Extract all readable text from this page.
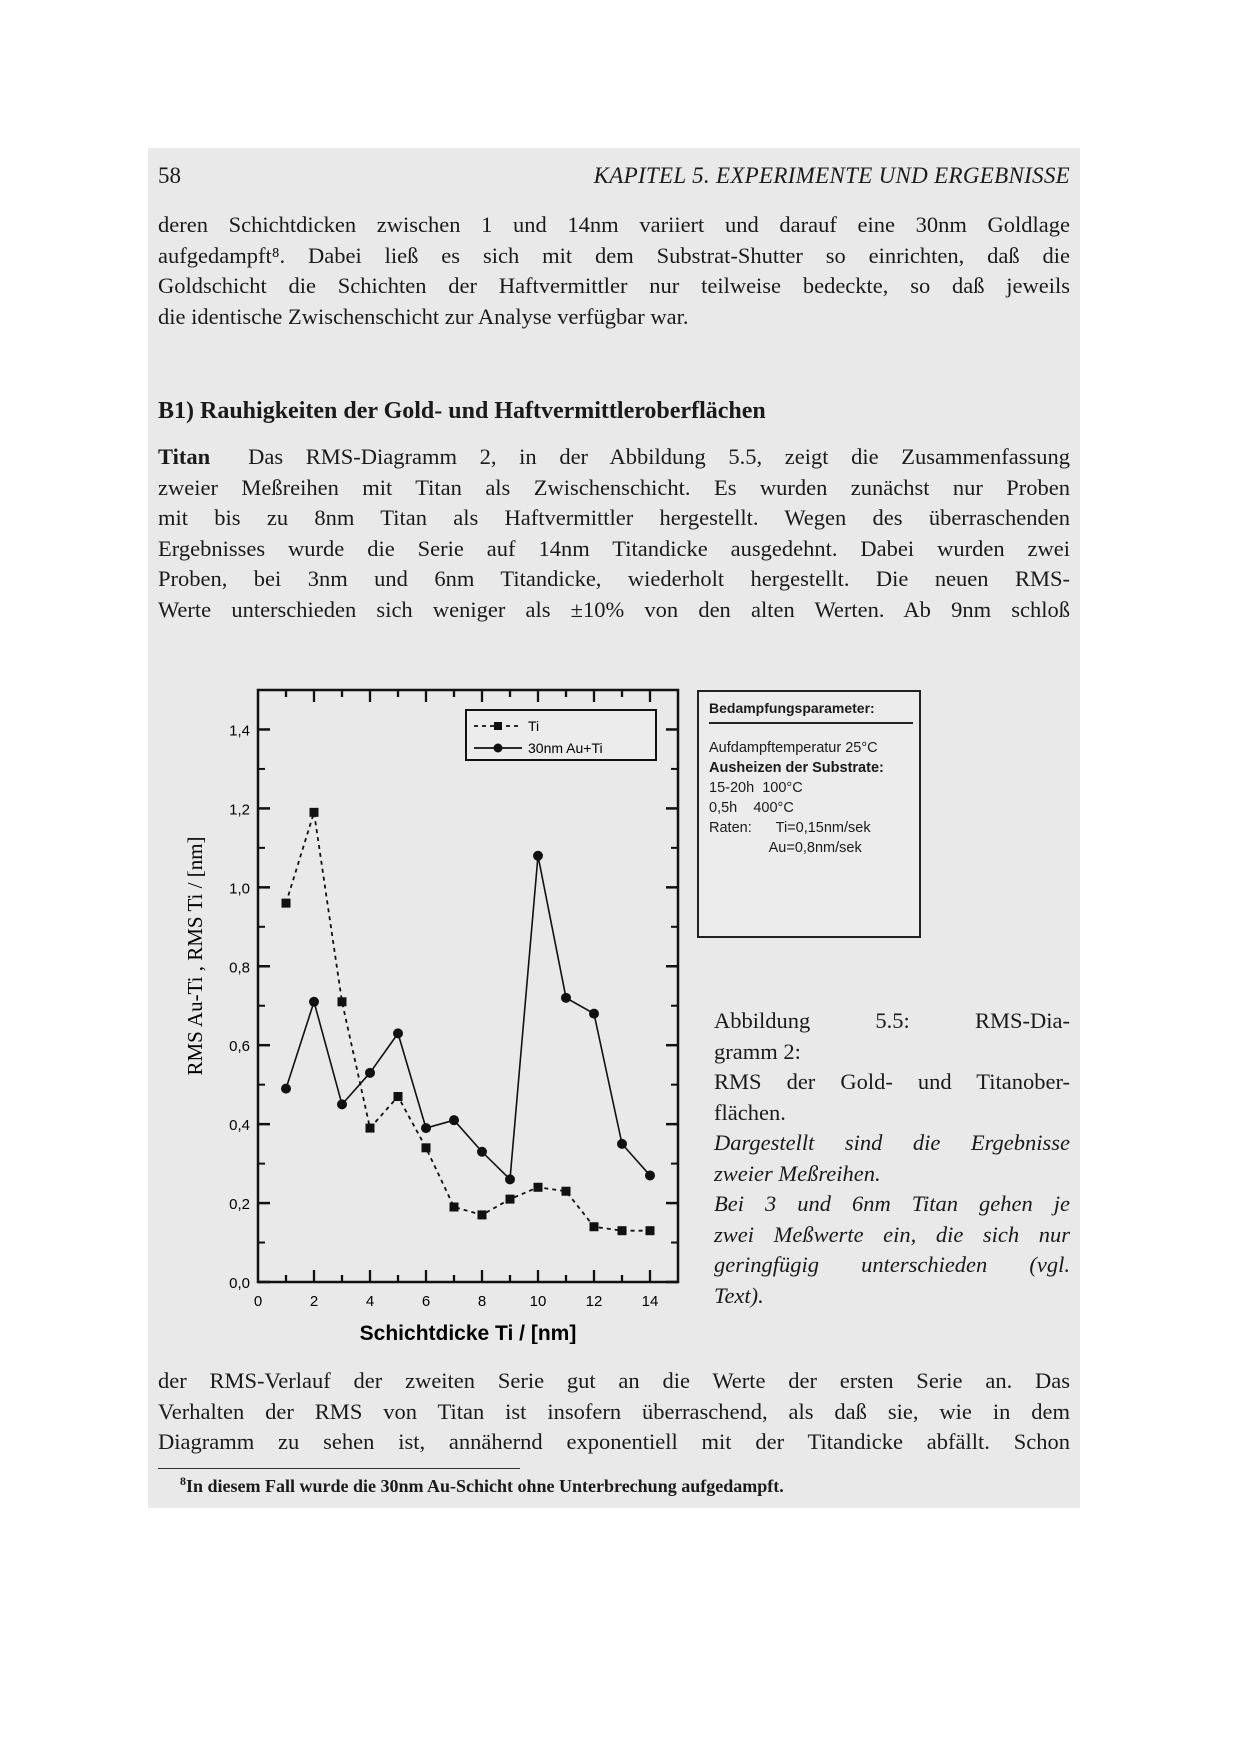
58	KAPITEL 5. EXPERIMENTE UND ERGEBNISSE
deren Schichtdicken zwischen 1 und 14nm variiert und darauf eine 30nm Goldlage
aufgedampft⁸. Dabei ließ es sich mit dem Substrat-Shutter so einrichten, daß die
Goldschicht die Schichten der Haftvermittler nur teilweise bedeckte, so daß jeweils
die identische Zwischenschicht zur Analyse verfügbar war.
B1) Rauhigkeiten der Gold- und Haftvermittleroberflächen
Titan Das RMS-Diagramm 2, in der Abbildung 5.5, zeigt die Zusammenfassung
zweier Meßreihen mit Titan als Zwischenschicht. Es wurden zunächst nur Proben
mit bis zu 8nm Titan als Haftvermittler hergestellt. Wegen des überraschenden
Ergebnisses wurde die Serie auf 14nm Titandicke ausgedehnt. Dabei wurden zwei
Proben, bei 3nm und 6nm Titandicke, wiederholt hergestellt. Die neuen RMS-
Werte unterschieden sich weniger als ±10% von den alten Werten. Ab 9nm schloß
0,0
0,2
0,4
0,6
0,8
1,0
1,2
1,4
0	2	4	6	8	10	12	14
Schichtdicke Ti / [nm]
RMS Au-Ti , RMS Ti / [nm]
Ti
30nm Au+Ti
Bedampfungsparameter:
Aufdampftemperatur 25°C
Ausheizen der Substrate:
15-20h  100°C
0,5h    400°C
Raten:      Ti=0,15nm/sek
Au=0,8nm/sek
Abbildung 5.5: RMS-Dia-
gramm 2:
RMS der Gold- und Titanober-
flächen.
Dargestellt sind die Ergebnisse
zweier Meßreihen.
Bei 3 und 6nm Titan gehen je
zwei Meßwerte ein, die sich nur
geringfügig unterschieden (vgl.
Text).
der RMS-Verlauf der zweiten Serie gut an die Werte der ersten Serie an. Das
Verhalten der RMS von Titan ist insofern überraschend, als daß sie, wie in dem
Diagramm zu sehen ist, annähernd exponentiell mit der Titandicke abfällt. Schon
$^8$In diesem Fall wurde die 30nm Au-Schicht ohne Unterbrechung aufgedampft.
